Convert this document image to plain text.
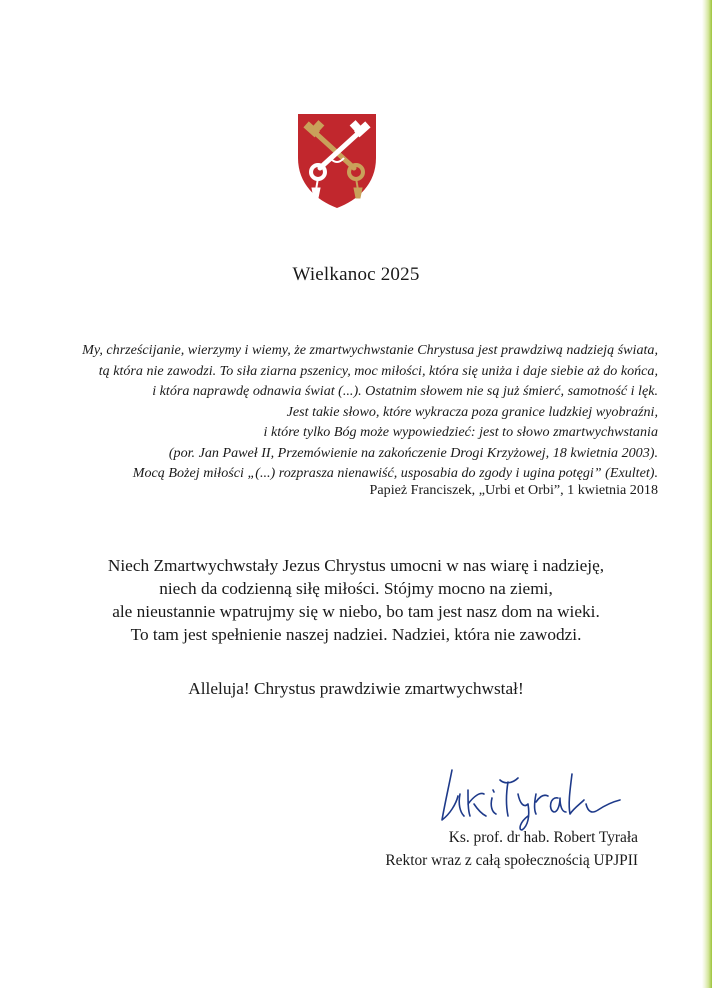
Wielkanoc 2025

My, chrześcijanie, wierzymy i wiemy, że zmartwychwstanie Chrystusa jest prawdziwą nadzieją świata,
tą która nie zawodzi. To siła ziarna pszenicy, moc miłości, która się uniża i daje siebie aż do końca,
i która naprawdę odnawia świat (...). Ostatnim słowem nie są już śmierć, samotność i lęk.
Jest takie słowo, które wykracza poza granice ludzkiej wyobraźni,
i które tylko Bóg może wypowiedzieć: jest to słowo zmartwychwstania
(por. Jan Paweł II, Przemówienie na zakończenie Drogi Krzyżowej, 18 kwietnia 2003).
Mocą Bożej miłości „(...) rozprasza nienawiść, usposabia do zgody i ugina potęgi” (Exultet).

Papież Franciszek, „Urbi et Orbi”, 1 kwietnia 2018
Niech Zmartwychwstały Jezus Chrystus umocni w nas wiarę i nadzieję,
niech da codzienną siłę miłości. Stójmy mocno na ziemi,
ale nieustannie wpatrujmy się w niebo, bo tam jest nasz dom na wieki.
To tam jest spełnienie naszej nadziei. Nadziei, która nie zawodzi.
Alleluja! Chrystus prawdziwie zmartwychwstał!
Ks. prof. dr hab. Robert Tyrała
Rektor wraz z całą społecznością UPJPII
